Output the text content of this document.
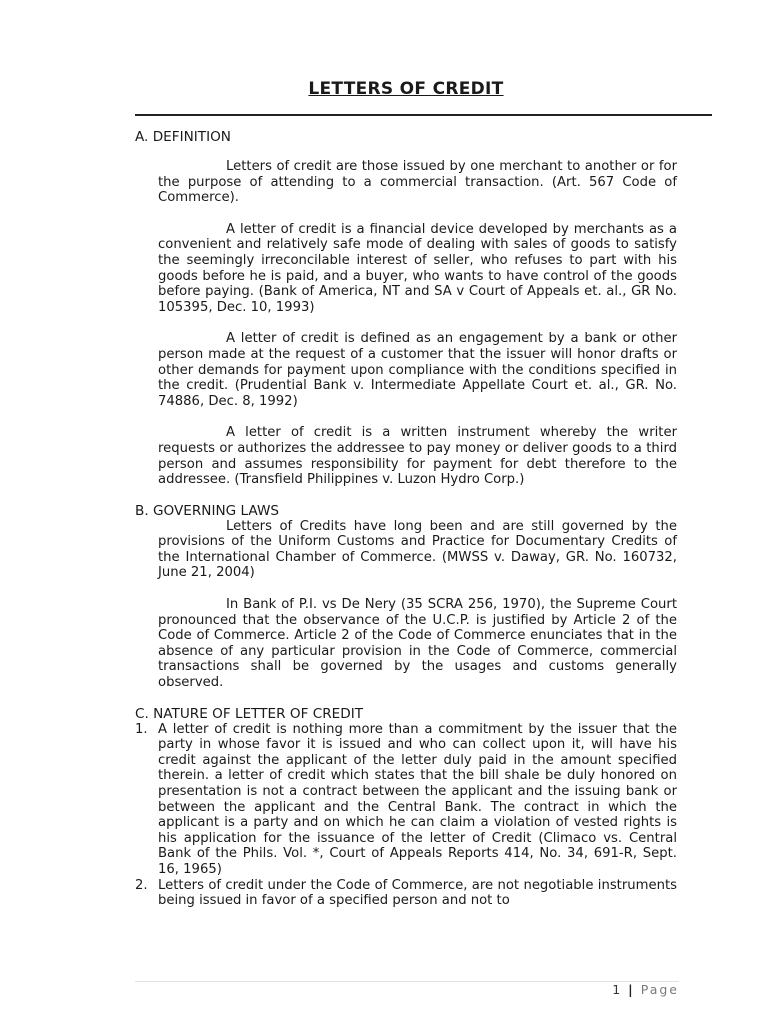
LETTERS OF CREDIT
A. DEFINITION

Letters of credit are those issued by one merchant to another or for the purpose of attending to a commercial transaction. (Art. 567 Code of Commerce).

A letter of credit is a financial device developed by merchants as a convenient and relatively safe mode of dealing with sales of goods to satisfy the seemingly irreconcilable interest of seller, who refuses to part with his goods before he is paid, and a buyer, who wants to have control of the goods before paying. (Bank of America, NT and SA v Court of Appeals et. al., GR No. 105395, Dec. 10, 1993)

A letter of credit is defined as an engagement by a bank or other person made at the request of a customer that the issuer will honor drafts or other demands for payment upon compliance with the conditions specified in the credit. (Prudential Bank v. Intermediate Appellate Court et. al., GR. No. 74886, Dec. 8, 1992)

A letter of credit is a written instrument whereby the writer requests or authorizes the addressee to pay money or deliver goods to a third person and assumes responsibility for payment for debt therefore to the addressee. (Transfield Philippines v. Luzon Hydro Corp.)

B. GOVERNING LAWS

Letters of Credits have long been and are still governed by the provisions of the Uniform Customs and Practice for Documentary Credits of the International Chamber of Commerce. (MWSS v. Daway, GR. No. 160732, June 21, 2004)

In Bank of P.I. vs De Nery (35 SCRA 256, 1970), the Supreme Court pronounced that the observance of the U.C.P. is justified by Article 2 of the Code of Commerce. Article 2 of the Code of Commerce enunciates that in the absence of any particular provision in the Code of Commerce, commercial transactions shall be governed by the usages and customs generally observed.

C. NATURE OF LETTER OF CREDIT
1. A letter of credit is nothing more than a commitment by the issuer that the party in whose favor it is issued and who can collect upon it, will have his credit against the applicant of the letter duly paid in the amount specified therein. a letter of credit which states that the bill shale be duly honored on presentation is not a contract between the applicant and the issuing bank or between the applicant and the Central Bank. The contract in which the applicant is a party and on which he can claim a violation of vested rights is his application for the issuance of the letter of Credit (Climaco vs. Central Bank of the Phils. Vol. *, Court of Appeals Reports 414, No. 34, 691-R, Sept. 16, 1965)
2. Letters of credit under the Code of Commerce, are not negotiable instruments being issued in favor of a specified person and not to
1 | Page
